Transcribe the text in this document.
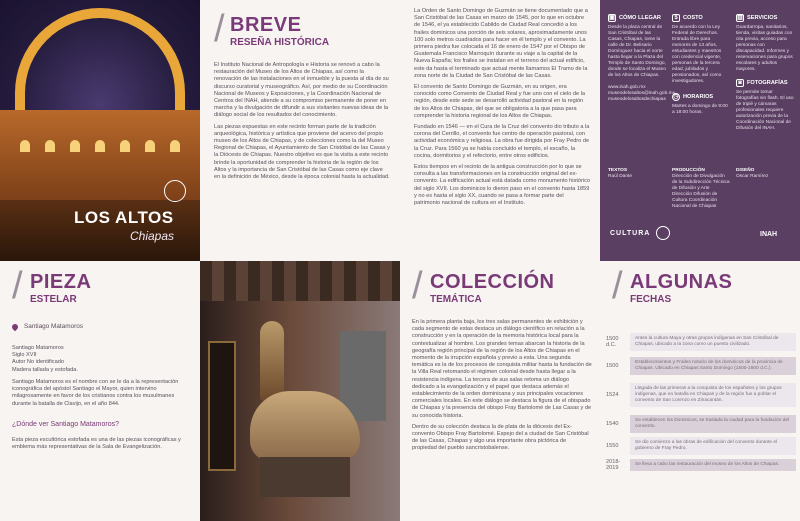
LOS ALTOS
Chiapas
/ BREVE
RESEÑA HISTÓRICA

El Instituto Nacional de Antropología e Historia se renovó a cabo la restauración del Museo de los Altos de Chiapas, así como la renovación de las instalaciones en el inmueble y la puesta al día de su discurso curatorial y museográfico. Así, por medio de su Coordinación Nacional de Museos y Exposiciones, y la Coordinación Nacional de Centros del INAH, atiende a su compromiso permanente de poner en marcha y la divulgación de difundir a sus visitantes nuevas ideas de la diálogo social de los resultados del conocimiento.

Las piezas expuestas en este recinto forman parte de la tradición arqueológica, histórica y artística que proviene del acervo del propio museo de los Altos de Chiapas, y de colecciones como la del Museo Regional de Chiapas, el Ayuntamiento de San Cristóbal de las Casas y la Diócesis de Chiapas. Nuestro objetivo es que la visita a este recinto brinde la oportunidad de comprender la historia de la región de los Altos y la importancia de San Cristóbal de las Casas como eje clave en la definición de México, desde la época colonial hasta la actualidad.

La Orden de Santo Domingo de Guzmán se tiene documentado que a San Cristóbal de las Casas en marzo de 1545, por lo que en octubre de 1546, el ya establecido Cabildo de Ciudad Real concedió a los frailes dominicos una porción de seis solares, aproximadamente unos 100 solo metros cuadrados para hacer en él templo y el convento. La primera piedra fue colocada el 16 de enero de 1547 por el Obispo de Guatemala Francisco Marroquín durante su viaje a la capital de la Nueva España; los frailes se instalan en el terreno del actual edificio, este da hasta el terminado que actual mente llamamos El Tramo de la zona norte de la Ciudad de San Cristóbal de las Casas.

El convento de Santo Domingo de Guzmán, en su origen, era conocido como Convento de Ciudad Real y fue uno con el cielo de la región, desde este sede se desarrolló actividad pastoral en la región de los Altos de Chiapas, del que se obligatoria a la que pasa para comprender la historia regional de los Altos de Chiapas.

Fundado en 1546 — en el Cura de la Cruz del convento dio tributo a la corona del Cerrillo, el convento fue centro de operación pastoral, con actividad económica y religiosa. La obra fue dirigida por Fray Pedro de la Cruz. Para 1560 ya se había concluido el templo, el escaño, la cocina, dormitorios y el refectorio, entre otros edificios.

Estos tiempos en el recinto de la antigua construcción por lo que se consulta a las transformaciones en la construcción original del ex-convento. La edificación actual está datada como monumento histórico del siglo XVII. Los dominicos lo dieron paso en el convento hasta 1859 y no es hasta el siglo XX, cuando se pasa a formar parte del patrimonio nacional de cultura en el Instituto.

▣ CÓMO LLEGAR
Desde la plaza central de San Cristóbal de las Casas, Chiapas, tome la calle de Dr. Belisario Domínguez hacia el norte hasta llegar a la Plaza del Templo de Santo Domingo, donde se localiza el Museo de los Altos de Chiapas.
www.inah.gob.mx
museodelosaltos@inah.gob.mx
museodelosaltosdechiapas
$ COSTO
De acuerdo con la Ley Federal de Derechos. Entrada libre para menores de 13 años, estudiantes y maestros con credencial vigente, personas de la tercera edad, jubilados y pensionados, así como investigadores.
◷ HORARIOS
Martes a domingo de 9:00 a 18:00 horas.
▥ SERVICIOS
Guardarropa, sanitarios, tienda, visitas guiadas con cita previa, acceso para personas con discapacidad. Informes y reservaciones para grupos escolares y adultos mayores.
◙ FOTOGRAFÍAS
Se permite tomar fotografías sin flash. El uso de tripié y cámaras profesionales requiere autorización previa de la Coordinación Nacional de Difusión del INAH.
TEXTOS
Raúl Dante
PRODUCCIÓN
Dirección de Divulgación de la Subdirección Técnica de Difusión y Arte Dirección Difusión de Cultura Coordinación Nacional de Chiapas
DISEÑO
Oscar Ramírez
CULTURA	INAH
/ PIEZA
ESTELAR
Santiago Matamoros
Santiago Matamoros
Siglo XVII
Autor No identificado
Madera tallada y estofada.
Santiago Matamoros es el nombre con se le da a la representación iconográfica del apóstol Santiago el Mayor, quien intervino milagrosamente en favor de los cristianos contra los musulmanes durante la batalla de Clavijo, en el año 844.
¿Dónde ver Santiago Matamoros?
Esta pieza escultórica estofada es una de las piezas iconográficas y emblema más representativas de la Sala de Evangelización.
/ COLECCIÓN
TEMÁTICA

En la primera planta baja, los tres salas permanentes de exhibición y cada segmento de estas destaca un diálogo científico en relación a la construcción y en la operación de la memoria histórica local para la contextualizar al hombre. Los grandes temas abarcan la historia de la geografía región principal de la región de los Altos de Chiapas en el momento de la irrupción española y previo a esta. Una segunda temática es la de los procesos de conquista militar hasta la fundación de la Villa Real retomando el régimen colonial desde hasta llegar a la resistencia indígena. La tercera de sus salas retoma un diálogo dedicado a la evangelización y el papel que destaca además el establecimiento de la orden dominicana y sus principales vocaciones comerciales locales. En este diálogo se destaca la figura de el obispado de Chiapas y la presencia del obispo Fray Bartolomé de Las Casas y de su conocida historia.

Dentro de su colección destaca la de plata de la diócesis del Ex-convento Obispo Fray Bartolomé. Espejo del a ciudad de San Cristóbal de las Casas, Chiapas y algo una importante obra pictórica de propiedad del pueblo sancristobalense.

/ ALGUNAS
FECHAS
1500 d.C.
Antes la cultura Maya y otras grupos indígenas en San Cristóbal de Chiapas, ubicado a la zona como un puesto civilizado.
1500
Establecimientos y Frailes notorio de los dominicos de la provincia de Chiapas. Ubicado en Chiapas Santo Domingo (1500-1600 d.C.).
1524
Llegada de las primeras a la conquista de los españoles y los grupos indígenas, que en batalla en Chiapas y de la región fue a poblar el convento de San Lorenzo en Zinacantán.
1540
Se establecen los Dominicos, se traslada la ciudad para la fundación del convento.
1550
Se dio comienzo a las obras de edificación del convento durante el gobierno de Fray Pedro.
2018-2019
Se lleva a cabo las restauración del museo de los Altos de Chiapas.
